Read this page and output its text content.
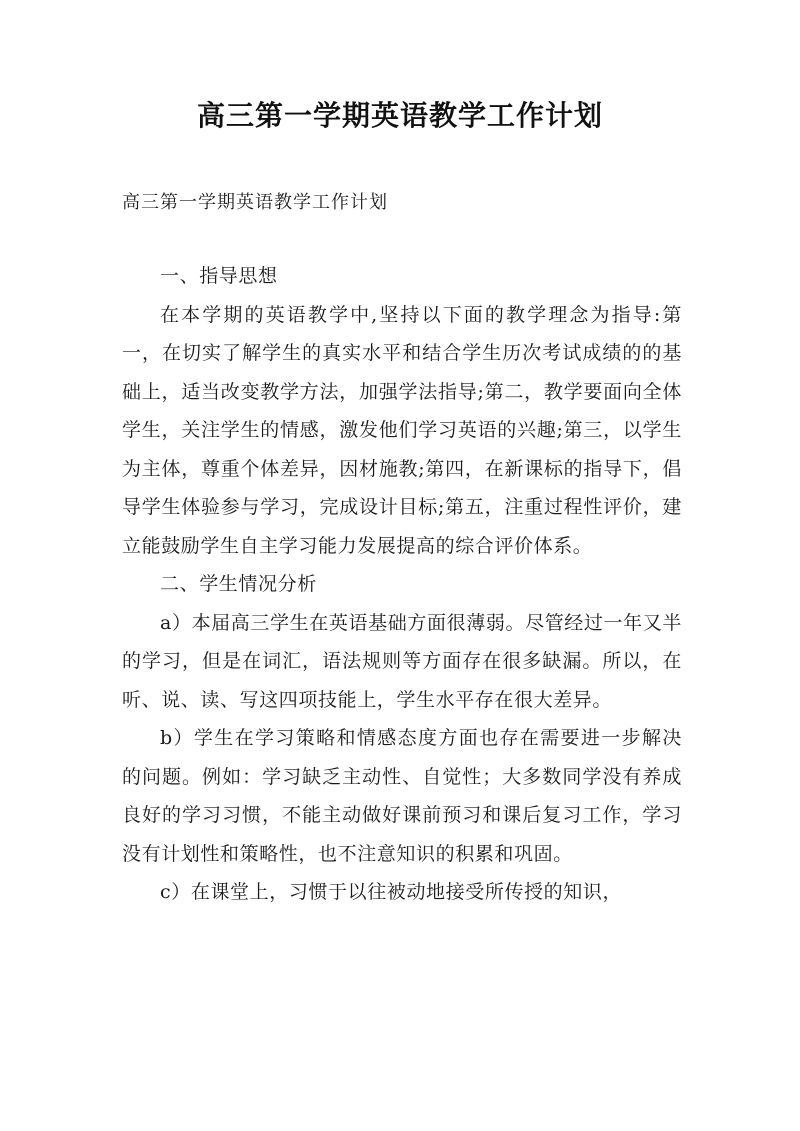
高三第一学期英语教学工作计划
高三第一学期英语教学工作计划

一、指导思想

在本学期的英语教学中,坚持以下面的教学理念为指导:第一，在切实了解学生的真实水平和结合学生历次考试成绩的的基础上，适当改变教学方法，加强学法指导;第二，教学要面向全体学生，关注学生的情感，激发他们学习英语的兴趣;第三，以学生为主体，尊重个体差异，因材施教;第四，在新课标的指导下，倡导学生体验参与学习，完成设计目标;第五，注重过程性评价，建立能鼓励学生自主学习能力发展提高的综合评价体系。

二、学生情况分析

a）本届高三学生在英语基础方面很薄弱。尽管经过一年又半的学习，但是在词汇，语法规则等方面存在很多缺漏。所以，在听、说、读、写这四项技能上，学生水平存在很大差异。

b）学生在学习策略和情感态度方面也存在需要进一步解决的问题。例如：学习缺乏主动性、自觉性；大多数同学没有养成良好的学习习惯，不能主动做好课前预习和课后复习工作，学习没有计划性和策略性，也不注意知识的积累和巩固。

c）在课堂上，习惯于以往被动地接受所传授的知识，
